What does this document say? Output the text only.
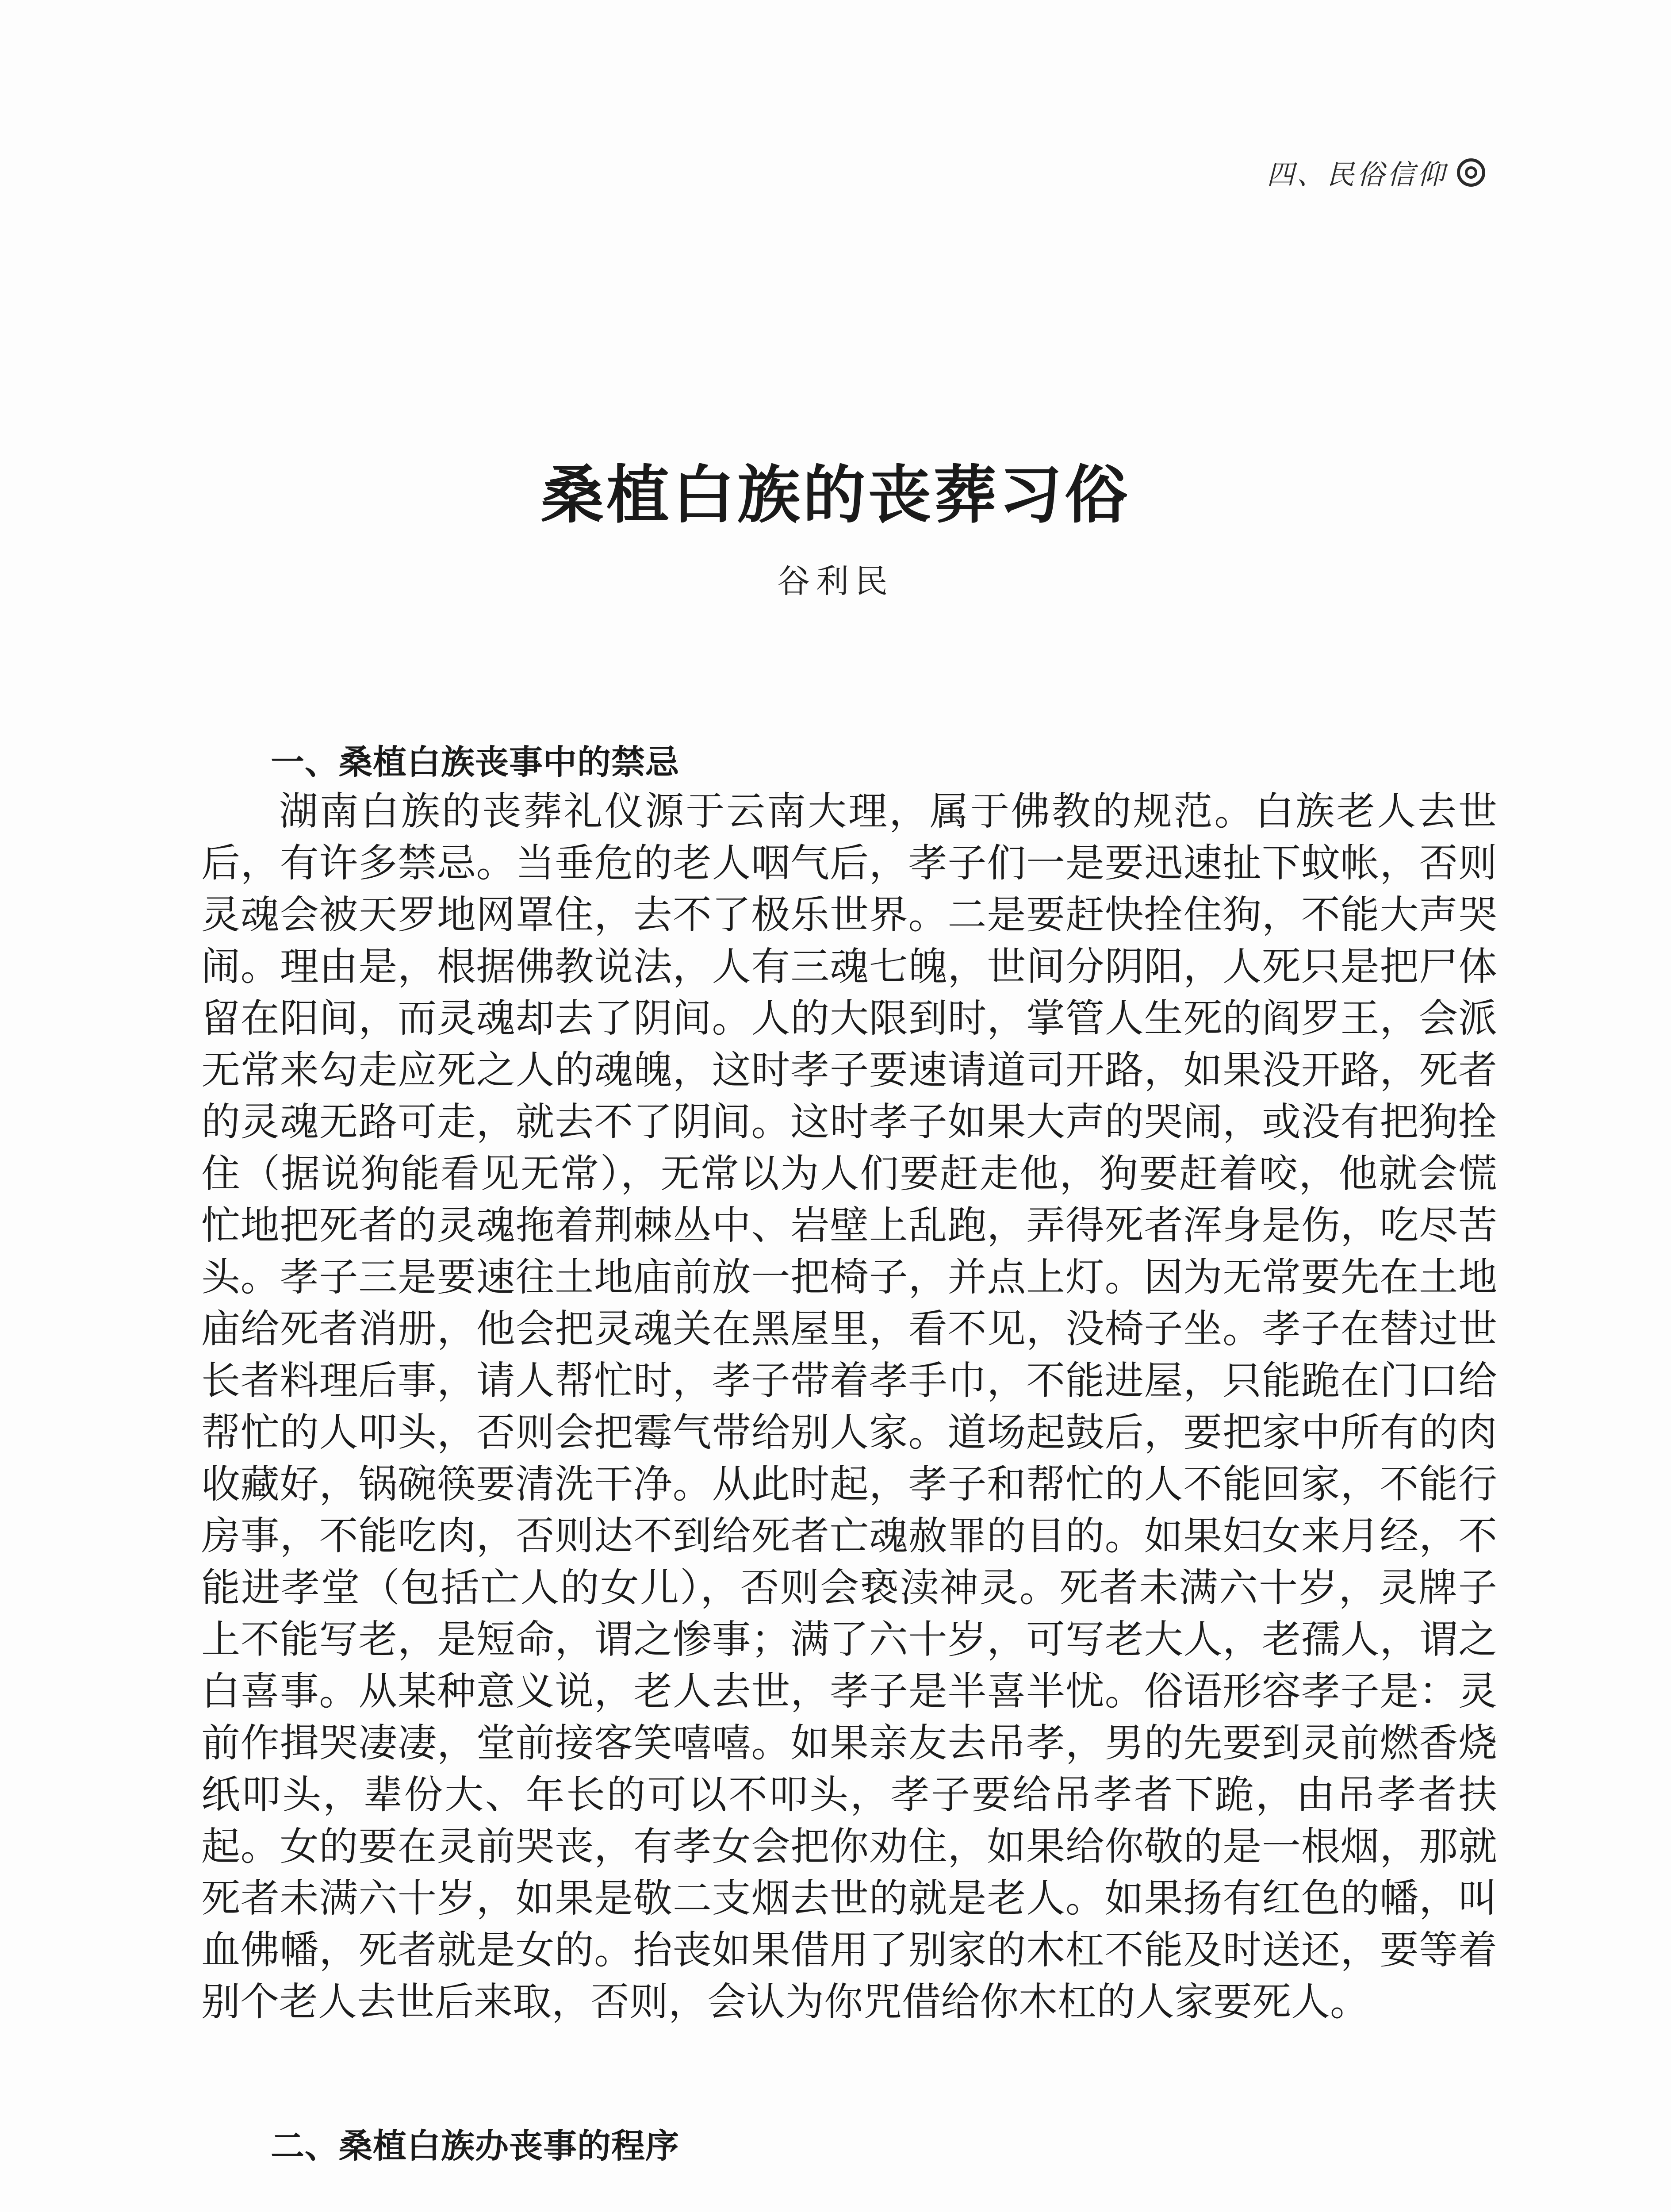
四、民俗信仰
桑植白族的丧葬习俗
谷利民
一、桑植白族丧事中的禁忌

湖南白族的丧葬礼仪源于云南大理，属于佛教的规范。白族老人去世后，有许多禁忌。当垂危的老人咽气后，孝子们一是要迅速扯下蚊帐，否则灵魂会被天罗地网罩住，去不了极乐世界。二是要赶快拴住狗，不能大声哭闹。理由是，根据佛教说法，人有三魂七魄，世间分阴阳，人死只是把尸体留在阳间，而灵魂却去了阴间。人的大限到时，掌管人生死的阎罗王，会派无常来勾走应死之人的魂魄，这时孝子要速请道司开路，如果没开路，死者的灵魂无路可走，就去不了阴间。这时孝子如果大声的哭闹，或没有把狗拴住（据说狗能看见无常），无常以为人们要赶走他，狗要赶着咬，他就会慌忙地把死者的灵魂拖着荆棘丛中、岩壁上乱跑，弄得死者浑身是伤，吃尽苦头。孝子三是要速往土地庙前放一把椅子，并点上灯。因为无常要先在土地庙给死者消册，他会把灵魂关在黑屋里，看不见，没椅子坐。孝子在替过世长者料理后事，请人帮忙时，孝子带着孝手巾，不能进屋，只能跪在门口给帮忙的人叩头，否则会把霉气带给别人家。道场起鼓后，要把家中所有的肉收藏好，锅碗筷要清洗干净。从此时起，孝子和帮忙的人不能回家，不能行房事，不能吃肉，否则达不到给死者亡魂赦罪的目的。如果妇女来月经，不能进孝堂（包括亡人的女儿），否则会亵渎神灵。死者未满六十岁，灵牌子上不能写老，是短命，谓之惨事；满了六十岁，可写老大人，老孺人，谓之白喜事。从某种意义说，老人去世，孝子是半喜半忧。俗语形容孝子是：灵前作揖哭凄凄，堂前接客笑嘻嘻。如果亲友去吊孝，男的先要到灵前燃香烧纸叩头，辈份大、年长的可以不叩头，孝子要给吊孝者下跪，由吊孝者扶起。女的要在灵前哭丧，有孝女会把你劝住，如果给你敬的是一根烟，那就死者未满六十岁，如果是敬二支烟去世的就是老人。如果扬有红色的幡，叫血佛幡，死者就是女的。抬丧如果借用了别家的木杠不能及时送还，要等着别个老人去世后来取，否则，会认为你咒借给你木杠的人家要死人。

二、桑植白族办丧事的程序
